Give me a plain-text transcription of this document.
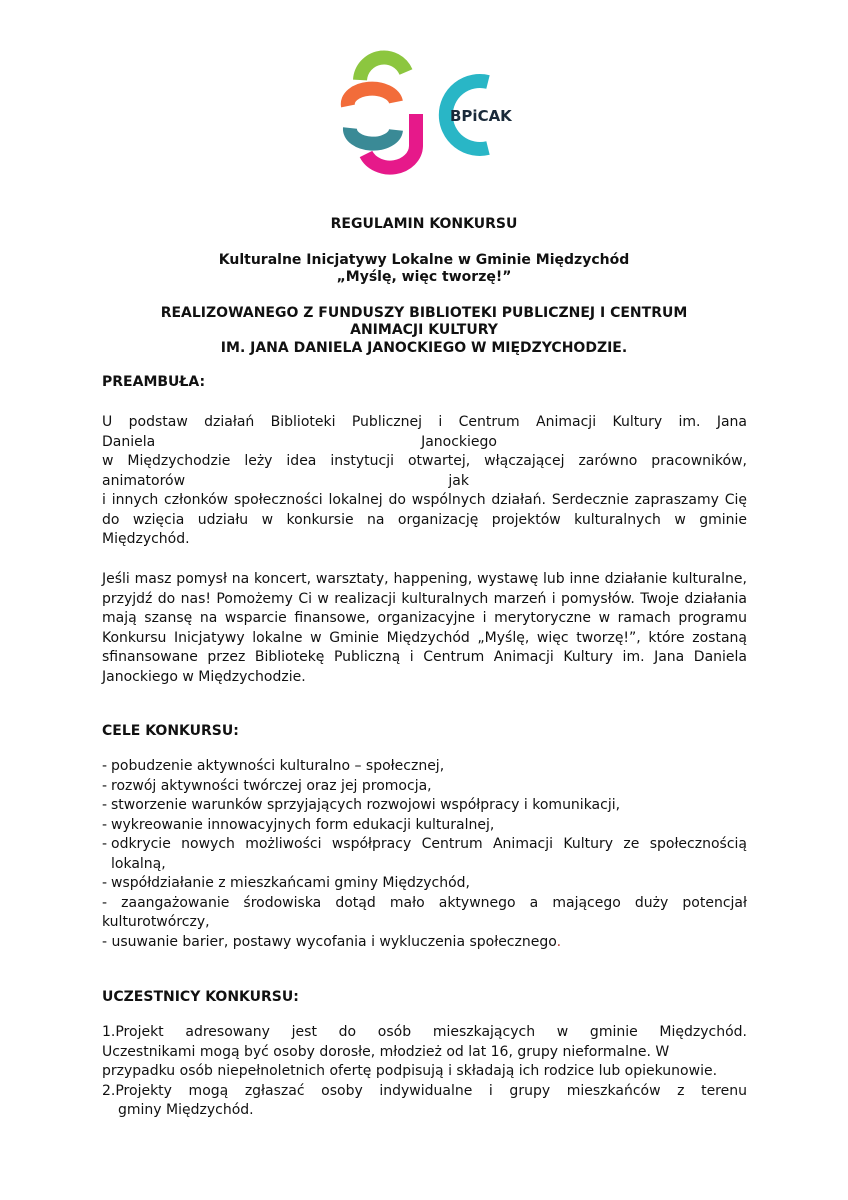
BPiCAK
REGULAMIN KONKURSU
Kulturalne Inicjatywy Lokalne w Gminie Międzychód
„Myślę, więc tworzę!”
REALIZOWANEGO Z FUNDUSZY BIBLIOTEKI PUBLICZNEJ I CENTRUM
ANIMACJI KULTURY
IM. JANA DANIELA JANOCKIEGO W MIĘDZYCHODZIE.
PREAMBUŁA:
U podstaw działań Biblioteki Publicznej i Centrum Animacji Kultury im. Jana
Daniela Janockiego
w Międzychodzie leży idea instytucji otwartej, włączającej zarówno pracowników,
animatorów jak
i innych członków społeczności lokalnej do wspólnych działań. Serdecznie zapraszamy Cię do wzięcia udziału w konkursie na organizację projektów kulturalnych w gminie Międzychód.
Jeśli masz pomysł na koncert, warsztaty, happening, wystawę lub inne działanie kulturalne, przyjdź do nas! Pomożemy Ci w realizacji kulturalnych marzeń i pomysłów. Twoje działania mają szansę na wsparcie finansowe, organizacyjne i merytoryczne w ramach programu Konkursu Inicjatywy lokalne w Gminie Międzychód „Myślę, więc tworzę!”, które zostaną sfinansowane przez Bibliotekę Publiczną i Centrum Animacji Kultury im. Jana Daniela Janockiego w Międzychodzie.
CELE KONKURSU:
- pobudzenie aktywności kulturalno – społecznej,
- rozwój aktywności twórczej oraz jej promocja,
- stworzenie warunków sprzyjających rozwojowi współpracy i komunikacji,
- wykreowanie innowacyjnych form edukacji kulturalnej,
- odkrycie nowych możliwości współpracy Centrum Animacji Kultury ze społecznością lokalną,
- współdziałanie z mieszkańcami gminy Międzychód,
- zaangażowanie środowiska dotąd mało aktywnego a mającego duży potencjał kulturotwórczy,
- usuwanie barier, postawy wycofania i wykluczenia społecznego.
UCZESTNICY KONKURSU:
1.Projekt adresowany jest do osób mieszkających w gminie Międzychód.
Uczestnikami mogą być osoby dorosłe, młodzież od lat 16, grupy nieformalne. W przypadku osób niepełnoletnich ofertę podpisują i składają ich rodzice lub opiekunowie.
2.Projekty mogą zgłaszać osoby indywidualne i grupy mieszkańców z terenu
gminy Międzychód.
